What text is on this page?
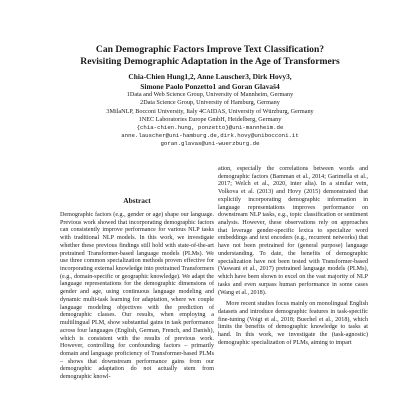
Can Demographic Factors Improve Text Classification?
Revisiting Demographic Adaptation in the Age of Transformers
Chia-Chien Hung1,2, Anne Lauscher3, Dirk Hovy3,
Simone Paolo Ponzetto1 and Goran Glavaš4
1Data and Web Science Group, University of Mannheim, Germany
2Data Science Group, University of Hamburg, Germany
3MilaNLP, Bocconi University, Italy 4CAIDAS, University of Würzburg, Germany
1NEC Laboratories Europe GmbH, Heidelberg, Germany
{chia-chien.hung, ponzetto}@uni-mannheim.de
anne.lauscher@uni-hamburg.de,dirk.hovy@unibocconi.it
goran.glavas@uni-wuerzburg.de
Abstract

Demographic factors (e.g., gender or age) shape our language. Previous work showed that incorporating demographic factors can consistently improve performance for various NLP tasks with traditional NLP models. In this work, we investigate whether these previous findings still hold with state-of-the-art pretrained Transformer-based language models (PLMs). We use three common specialization methods proven effective for incorporating external knowledge into pretrained Transformers (e.g., domain-specific or geographic knowledge). We adapt the language representations for the demographic dimensions of gender and age, using continuous language modeling and dynamic multi-task learning for adaptation, where we couple language modeling objectives with the prediction of demographic classes. Our results, when employing a multilingual PLM, show substantial gains in task performance across four languages (English, German, French, and Danish), which is consistent with the results of previous work. However, controlling for confounding factors – primarily domain and language proficiency of Transformer-based PLMs – shows that downstream performance gains from our demographic adaptation do not actually stem from demographic knowl-

ation, especially the correlations between words and demographic factors (Bamman et al., 2014; Garimella et al., 2017; Welch et al., 2020, inter alia). In a similar vein, Volkova et al. (2013) and Hovy (2015) demonstrated that explicitly incorporating demographic information in language representations improves performance on downstream NLP tasks, e.g., topic classification or sentiment analysis. However, these observations rely on approaches that leverage gender-specific lexica to specialize word embeddings and text encoders (e.g., recurrent networks) that have not been pretrained for (general purpose) language understanding. To date, the benefits of demographic specialization have not been tested with Transformer-based (Vaswani et al., 2017) pretrained language models (PLMs), which have been shown to excel on the vast majority of NLP tasks and even surpass human performance in some cases (Wang et al., 2018).

More recent studies focus mainly on monolingual English datasets and introduce demographic features in task-specific fine-tuning (Voigt et al., 2018; Buechel et al., 2018), which limits the benefits of demographic knowledge to tasks at hand. In this work, we investigate the (task-agnostic) demographic specialization of PLMs, aiming to impart
